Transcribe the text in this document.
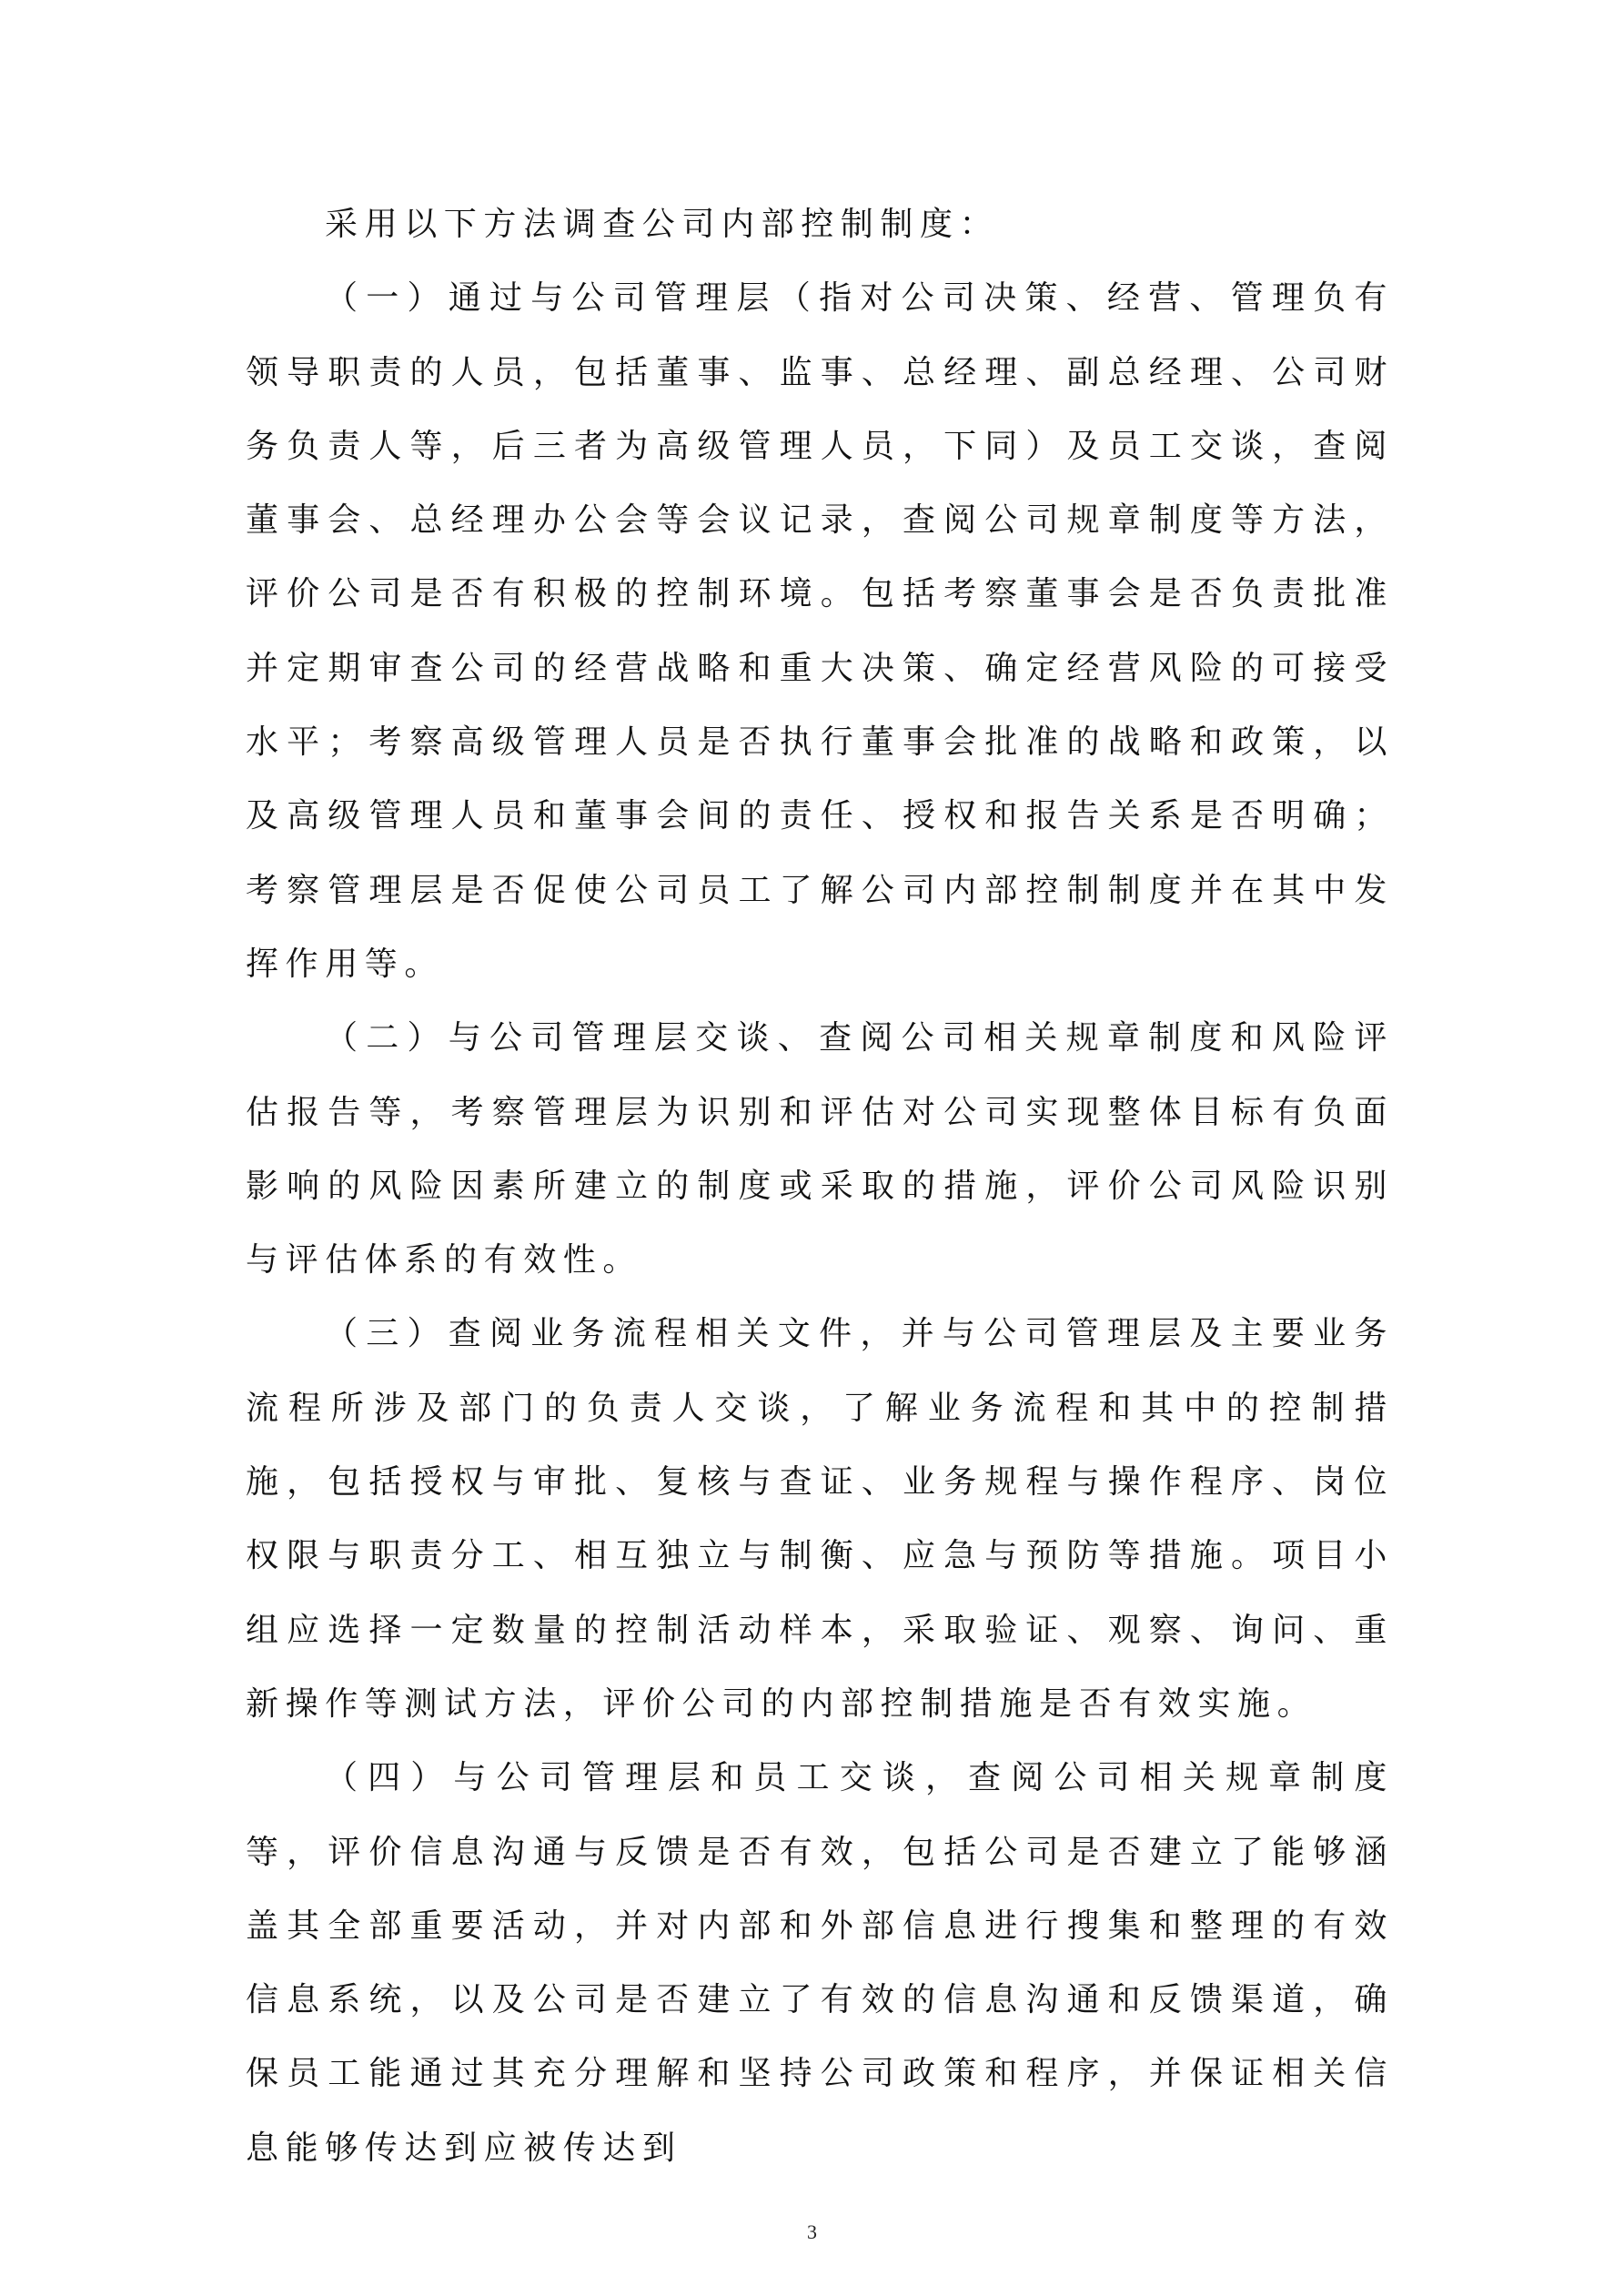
采用以下方法调查公司内部控制制度：

（一）通过与公司管理层（指对公司决策、经营、管理负有领导职责的人员，包括董事、监事、总经理、副总经理、公司财务负责人等，后三者为高级管理人员，下同）及员工交谈，查阅董事会、总经理办公会等会议记录，查阅公司规章制度等方法，评价公司是否有积极的控制环境。包括考察董事会是否负责批准并定期审查公司的经营战略和重大决策、确定经营风险的可接受水平；考察高级管理人员是否执行董事会批准的战略和政策，以及高级管理人员和董事会间的责任、授权和报告关系是否明确；考察管理层是否促使公司员工了解公司内部控制制度并在其中发挥作用等。

（二）与公司管理层交谈、查阅公司相关规章制度和风险评估报告等，考察管理层为识别和评估对公司实现整体目标有负面影响的风险因素所建立的制度或采取的措施，评价公司风险识别与评估体系的有效性。

（三）查阅业务流程相关文件，并与公司管理层及主要业务流程所涉及部门的负责人交谈，了解业务流程和其中的控制措施，包括授权与审批、复核与查证、业务规程与操作程序、岗位权限与职责分工、相互独立与制衡、应急与预防等措施。项目小组应选择一定数量的控制活动样本，采取验证、观察、询问、重新操作等测试方法，评价公司的内部控制措施是否有效实施。

（四）与公司管理层和员工交谈，查阅公司相关规章制度等，评价信息沟通与反馈是否有效，包括公司是否建立了能够涵盖其全部重要活动，并对内部和外部信息进行搜集和整理的有效信息系统，以及公司是否建立了有效的信息沟通和反馈渠道，确保员工能通过其充分理解和坚持公司政策和程序，并保证相关信息能够传达到应被传达到

3
